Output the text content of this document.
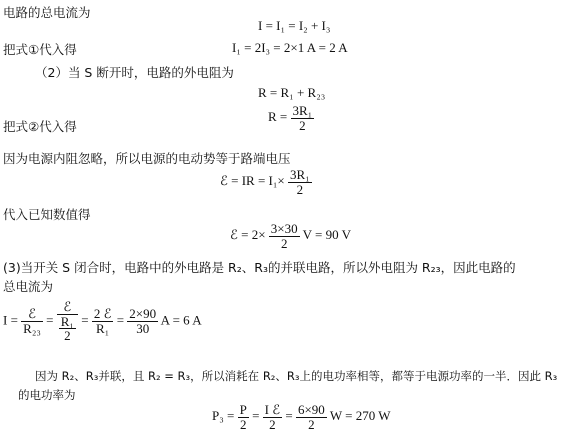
电路的总电流为
I = I₁ = I₂ + I₃
把式①代入得	I₁ = 2I₃ = 2×1 A = 2 A
（2）当 S 断开时，电路的外电阻为
R = R₁ + R₂₃
把式②代入得
$R = \frac{\text{3R₁}}{2}$
因为电源内阻忽略，所以电源的电动势等于路端电压
ℰ = IR = $I_1\times \frac{\text{3R₁}}{2}$
代入已知数值得
ℰ = $2\times \frac{3\times 30}{2}$ V = 90 V
(3)当开关 S 闭合时，电路中的外电路是 R₂、R₃的并联电路，所以外电阻为 R₂₃，因此电路的
总电流为
$I = \frac{\text{ℰ}}{\text{R₂₃}} = \frac{\text{ℰ}}{\frac{\text{R₁}}{2}} = \frac{\text{2 ℰ}}{\text{R₁}} = \frac{2\times 90}{30}$ A = 6 A
因为 R₂、R₃并联，且 R₂ = R₃，所以消耗在 R₂、R₃上的电功率相等，都等于电源功率的一半．因此 R₃
的电功率为
$P_3 = \frac{P}{2} = \frac{\text{I ℰ}}{2} = \frac{6\times 90}{2}$ W = 270 W
